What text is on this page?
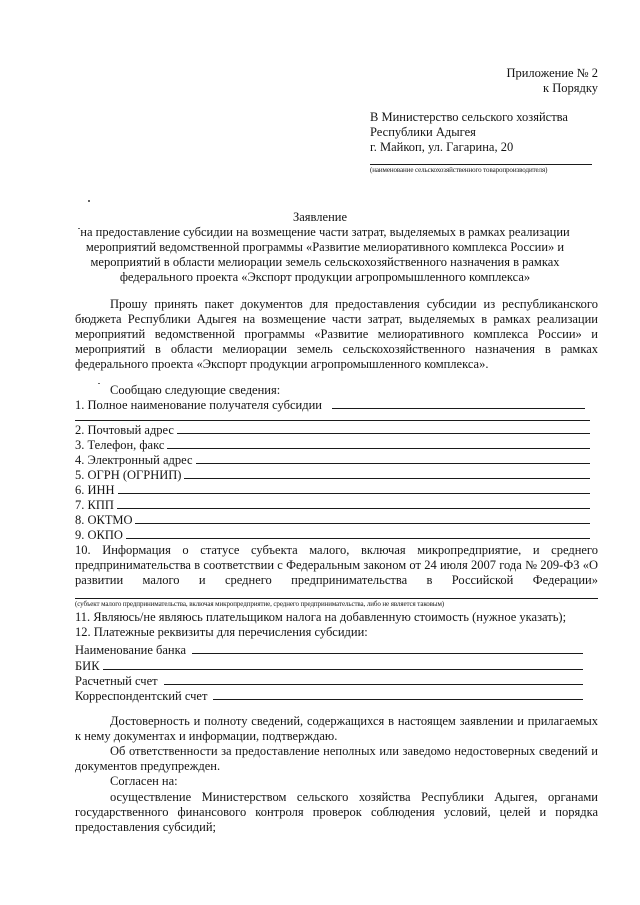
Приложение № 2
к Порядку
В Министерство сельского хозяйства
Республики Адыгея
г. Майкоп, ул. Гагарина, 20
(наименование сельскохозяйственного товаропроизводителя)
Заявление
на предоставление субсидии на возмещение части затрат, выделяемых в рамках реализации
мероприятий ведомственной программы «Развитие мелиоративного комплекса России» и
мероприятий в области мелиорации земель сельскохозяйственного назначения в рамках
федерального проекта «Экспорт продукции агропромышленного комплекса»
Прошу принять пакет документов для предоставления субсидии из республиканского
бюджета Республики Адыгея на возмещение части затрат, выделяемых в рамках реализации
мероприятий ведомственной программы «Развитие мелиоративного комплекса России» и
мероприятий в области мелиорации земель сельскохозяйственного назначения в рамках
федерального проекта «Экспорт продукции агропромышленного комплекса».
Сообщаю следующие сведения:
1. Полное наименование получателя субсидии
2. Почтовый адрес
3. Телефон, факс
4. Электронный адрес
5. ОГРН (ОГРНИП)
6. ИНН
7. КПП
8. ОКТМО
9. ОКПО
10. Информация о статусе субъекта малого, включая микропредприятие, и среднего
предпринимательства в соответствии с Федеральным законом от 24 июля 2007 года № 209-ФЗ «О
развитии малого и среднего предпринимательства в Российской Федерации»
(субъект малого предпринимательства, включая микропредприятие, среднего предпринимательства, либо не является таковым)
11. Являюсь/не являюсь плательщиком налога на добавленную стоимость (нужное указать);
12. Платежные реквизиты для перечисления субсидии:
Наименование банка
БИК
Расчетный счет
Корреспондентский счет
Достоверность и полноту сведений, содержащихся в настоящем заявлении и прилагаемых
к нему документах и информации, подтверждаю.
Об ответственности за предоставление неполных или заведомо недостоверных сведений и
документов предупрежден.
Согласен на:
осуществление Министерством сельского хозяйства Республики Адыгея, органами
государственного финансового контроля проверок соблюдения условий, целей и порядка
предоставления субсидий;
